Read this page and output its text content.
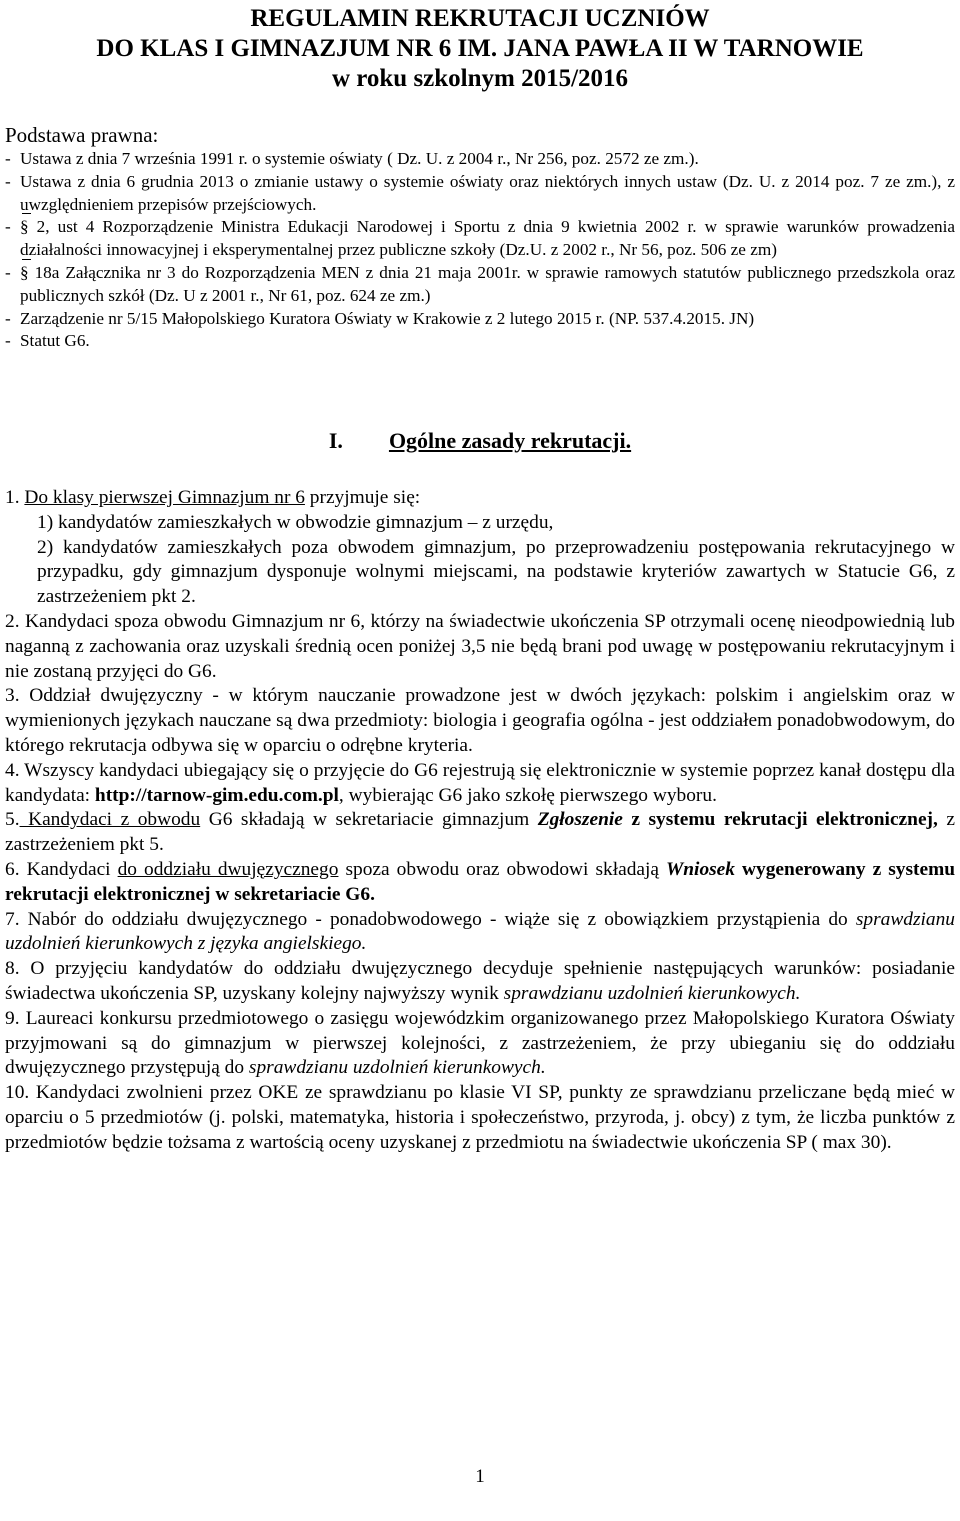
REGULAMIN REKRUTACJI UCZNIÓW

DO KLAS I GIMNAZJUM NR 6 IM. JANA PAWŁA II W TARNOWIE

w roku szkolnym 2015/2016

Podstawa prawna:
- Ustawa z dnia 7 września 1991 r. o systemie oświaty ( Dz. U. z 2004 r., Nr 256, poz. 2572 ze zm.).
- Ustawa z dnia 6 grudnia 2013 o zmianie ustawy o systemie oświaty oraz niektórych innych ustaw (Dz. U. z 2014 poz. 7 ze zm.), z uwzględnieniem przepisów przejściowych.
- § 2, ust 4 Rozporządzenie Ministra Edukacji Narodowej i Sportu z dnia 9 kwietnia 2002 r. w sprawie warunków prowadzenia działalności innowacyjnej i eksperymentalnej przez publiczne szkoły (Dz.U. z 2002 r., Nr 56, poz. 506 ze zm)
- § 18a Załącznika nr 3 do Rozporządzenia MEN z dnia 21 maja 2001r. w sprawie ramowych statutów publicznego przedszkola oraz publicznych szkół (Dz. U z 2001 r., Nr 61, poz. 624 ze zm.)
- Zarządzenie nr 5/15 Małopolskiego Kuratora Oświaty w Krakowie z 2 lutego 2015 r. (NP. 537.4.2015. JN)
- Statut G6.
I. Ogólne zasady rekrutacji.

1. Do klasy pierwszej Gimnazjum nr 6 przyjmuje się:

1) kandydatów zamieszkałych w obwodzie gimnazjum – z urzędu,

2) kandydatów zamieszkałych poza obwodem gimnazjum, po przeprowadzeniu postępowania rekrutacyjnego w przypadku, gdy gimnazjum dysponuje wolnymi miejscami, na podstawie kryteriów zawartych w Statucie G6, z zastrzeżeniem pkt 2.

2. Kandydaci spoza obwodu Gimnazjum nr 6, którzy na świadectwie ukończenia SP otrzymali ocenę nieodpowiednią lub naganną z zachowania oraz uzyskali średnią ocen poniżej 3,5 nie będą brani pod uwagę w postępowaniu rekrutacyjnym i nie zostaną przyjęci do G6.

3. Oddział dwujęzyczny - w którym nauczanie prowadzone jest w dwóch językach: polskim i angielskim oraz w wymienionych językach nauczane są dwa przedmioty: biologia i geografia ogólna - jest oddziałem ponadobwodowym, do którego rekrutacja odbywa się w oparciu o odrębne kryteria.

4. Wszyscy kandydaci ubiegający się o przyjęcie do G6 rejestrują się elektronicznie w systemie poprzez kanał dostępu dla kandydata: http://tarnow-gim.edu.com.pl, wybierając G6 jako szkołę pierwszego wyboru.

5. Kandydaci z obwodu G6 składają w sekretariacie gimnazjum Zgłoszenie z systemu rekrutacji elektronicznej, z zastrzeżeniem pkt 5.

6. Kandydaci do oddziału dwujęzycznego spoza obwodu oraz obwodowi składają Wniosek wygenerowany z systemu rekrutacji elektronicznej w sekretariacie G6.

7. Nabór do oddziału dwujęzycznego - ponadobwodowego - wiąże się z obowiązkiem przystąpienia do sprawdzianu uzdolnień kierunkowych z języka angielskiego.

8. O przyjęciu kandydatów do oddziału dwujęzycznego decyduje spełnienie następujących warunków: posiadanie świadectwa ukończenia SP, uzyskany kolejny najwyższy wynik sprawdzianu uzdolnień kierunkowych.

9. Laureaci konkursu przedmiotowego o zasięgu wojewódzkim organizowanego przez Małopolskiego Kuratora Oświaty przyjmowani są do gimnazjum w pierwszej kolejności, z zastrzeżeniem, że przy ubieganiu się do oddziału dwujęzycznego przystępują do sprawdzianu uzdolnień kierunkowych.

10. Kandydaci zwolnieni przez OKE ze sprawdzianu po klasie VI SP, punkty ze sprawdzianu przeliczane będą mieć w oparciu o 5 przedmiotów (j. polski, matematyka, historia i społeczeństwo, przyroda, j. obcy) z tym, że liczba punktów z przedmiotów będzie tożsama z wartością oceny uzyskanej z przedmiotu na świadectwie ukończenia SP ( max 30).

1
